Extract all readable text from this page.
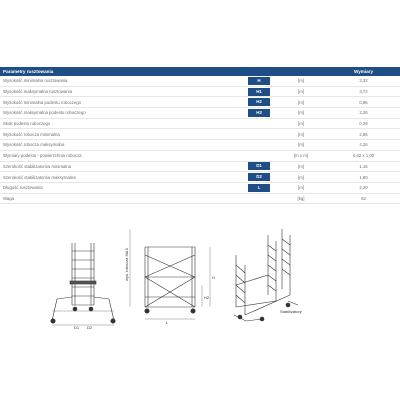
Parametry rusztowania			Wymiary
Wysokość minimalna rusztowania	H	[m]	2,32
Wysokość maksymalna rusztowania	H1	[m]	3,72
Wysokość minimalna podestu roboczego	H2	[m]	0,86
Wysokość maksymalna podestu roboczego	H3	[m]	2,26
Skok podestu roboczego		[m]	0,28
Wysokość robocza minimalna		[m]	2,86
Wysokość robocza maksymalna		[m]	4,26
Wymiary podestu - powierzchnia robocza		[m x m]	0,62 x 1,00
Szerokość stabilizatorów minimalna	D1	[m]	1,16
Szerokość stabilizatorów maksymalna	D2	[m]	1,80
Długość rusztowania	L	[m]	2,20
Waga		[kg]	62
D1 D2
L
H2
H
wys. robocza MAX
Stabilizatory
